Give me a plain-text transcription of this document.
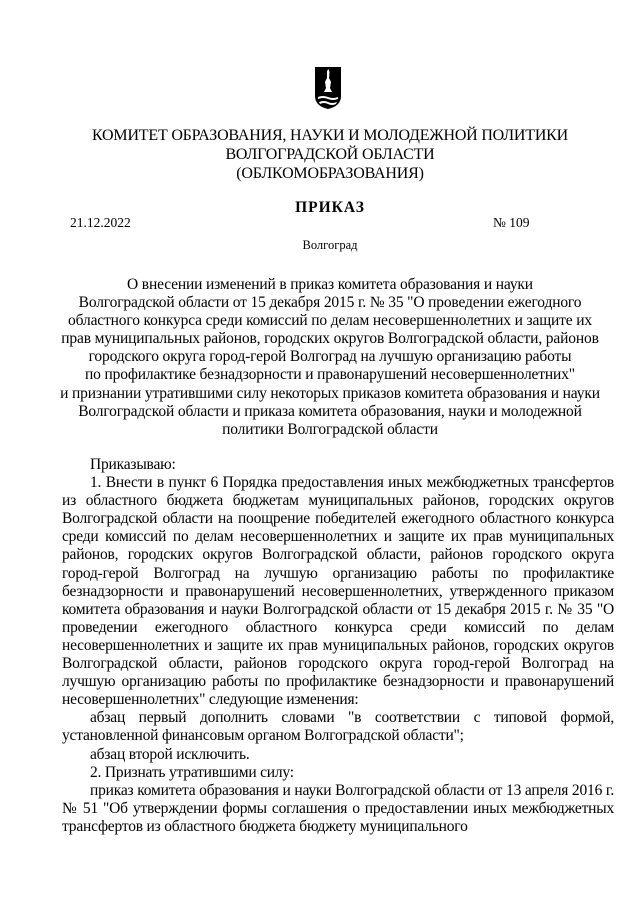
КОМИТЕТ ОБРАЗОВАНИЯ, НАУКИ И МОЛОДЕЖНОЙ ПОЛИТИКИ
ВОЛГОГРАДСКОЙ ОБЛАСТИ
(ОБЛКОМОБРАЗОВАНИЯ)
ПРИКАЗ
21.12.2022	№ 109
Волгоград
О внесении изменений в приказ комитета образования и науки
Волгоградской области от 15 декабря 2015 г. № 35 "О проведении ежегодного
областного конкурса среди комиссий по делам несовершеннолетних и защите их
прав муниципальных районов, городских округов Волгоградской области, районов
городского округа город-герой Волгоград на лучшую организацию работы
по профилактике безнадзорности и правонарушений несовершеннолетних"
и признании утратившими силу некоторых приказов комитета образования и науки
Волгоградской области и приказа комитета образования, науки и молодежной
политики Волгоградской области

Приказываю:

1. Внести в пункт 6 Порядка предоставления иных межбюджетных трансфертов из областного бюджета бюджетам муниципальных районов, городских округов Волгоградской области на поощрение победителей ежегодного областного конкурса среди комиссий по делам несовершеннолетних и защите их прав муниципальных районов, городских округов Волгоградской области, районов городского округа город-герой Волгоград на лучшую организацию работы по профилактике безнадзорности и правонарушений несовершеннолетних, утвержденного приказом комитета образования и науки Волгоградской области от 15 декабря 2015 г. № 35 "О проведении ежегодного областного конкурса среди комиссий по делам несовершеннолетних и защите их прав муниципальных районов, городских округов Волгоградской области, районов городского округа город-герой Волгоград на лучшую организацию работы по профилактике безнадзорности и правонарушений несовершеннолетних" следующие изменения:

абзац первый дополнить словами "в соответствии с типовой формой, установленной финансовым органом Волгоградской области";

абзац второй исключить.

2. Признать утратившими силу:

приказ комитета образования и науки Волгоградской области от 13 апреля 2016 г. № 51 "Об утверждении формы соглашения о предоставлении иных межбюджетных трансфертов из областного бюджета бюджету муниципального
